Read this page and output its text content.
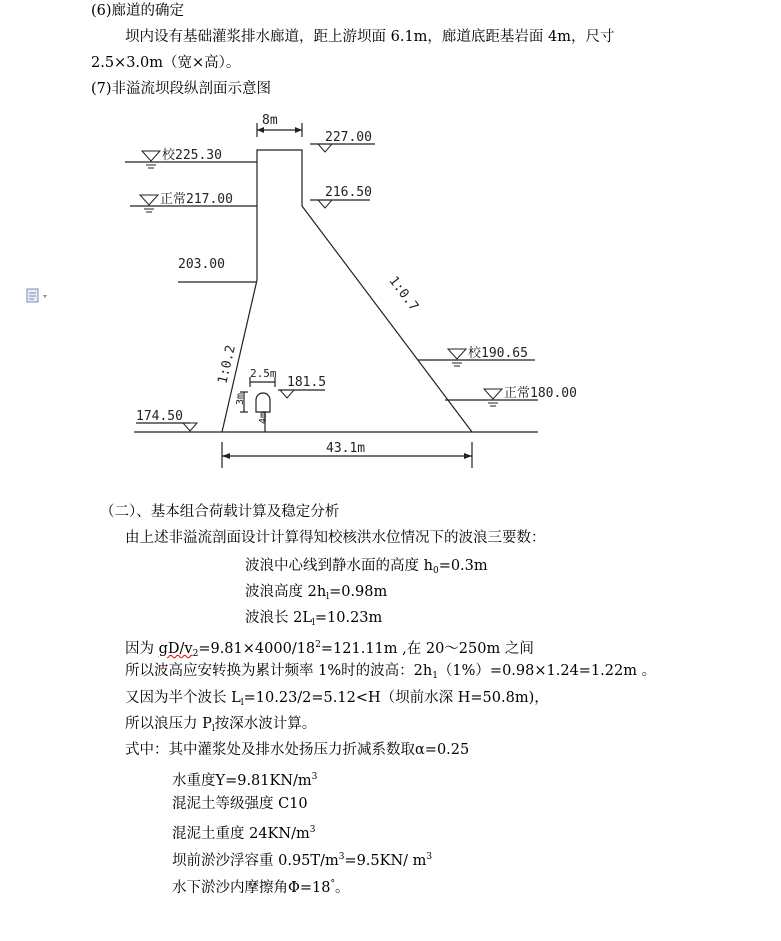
(6)廊道的确定
坝内设有基础灌浆排水廊道，距上游坝面 6.1m，廊道底距基岩面 4m，尺寸
2.5×3.0m（宽×高）。
(7)非溢流坝段纵剖面示意图
8m
227.00
校225.30
正常217.00	216.50
203.00
1:0.7
1:0.2	校190.65
2.5m
181.5
3m
4m
正常180.00
174.50
43.1m
（二）、基本组合荷载计算及稳定分析
由上述非溢流剖面设计计算得知校核洪水位情况下的波浪三要数：
波浪中心线到静水面的高度 $h_0=0.3m$
波浪高度 $2h_l=0.98m$
波浪长 $2L_l=10.23m$
因为 $gD/v_2=9.81\times 4000/18^2=121.11m$ ,在 20～250m 之间
所以波高应安转换为累计频率 1%时的波高：$2h_1(1\%)=0.98\times 1.24=1.22m$ 。
又因为半个波长 $L_l=10.23/2=5.12<H$（坝前水深 H=50.8m)，
所以浪压力 $P_l$按深水波计算。
式中：其中灌浆处及排水处扬压力折减系数取α=0.25
水重度$Y=9.81KN/m^3$
混泥土等级强度 C10
混泥土重度 $24KN/m^3$
坝前淤沙浮容重 $0.95T/m^3=9.5KN/$ $m^3$
水下淤沙内摩擦角Φ=18°。
